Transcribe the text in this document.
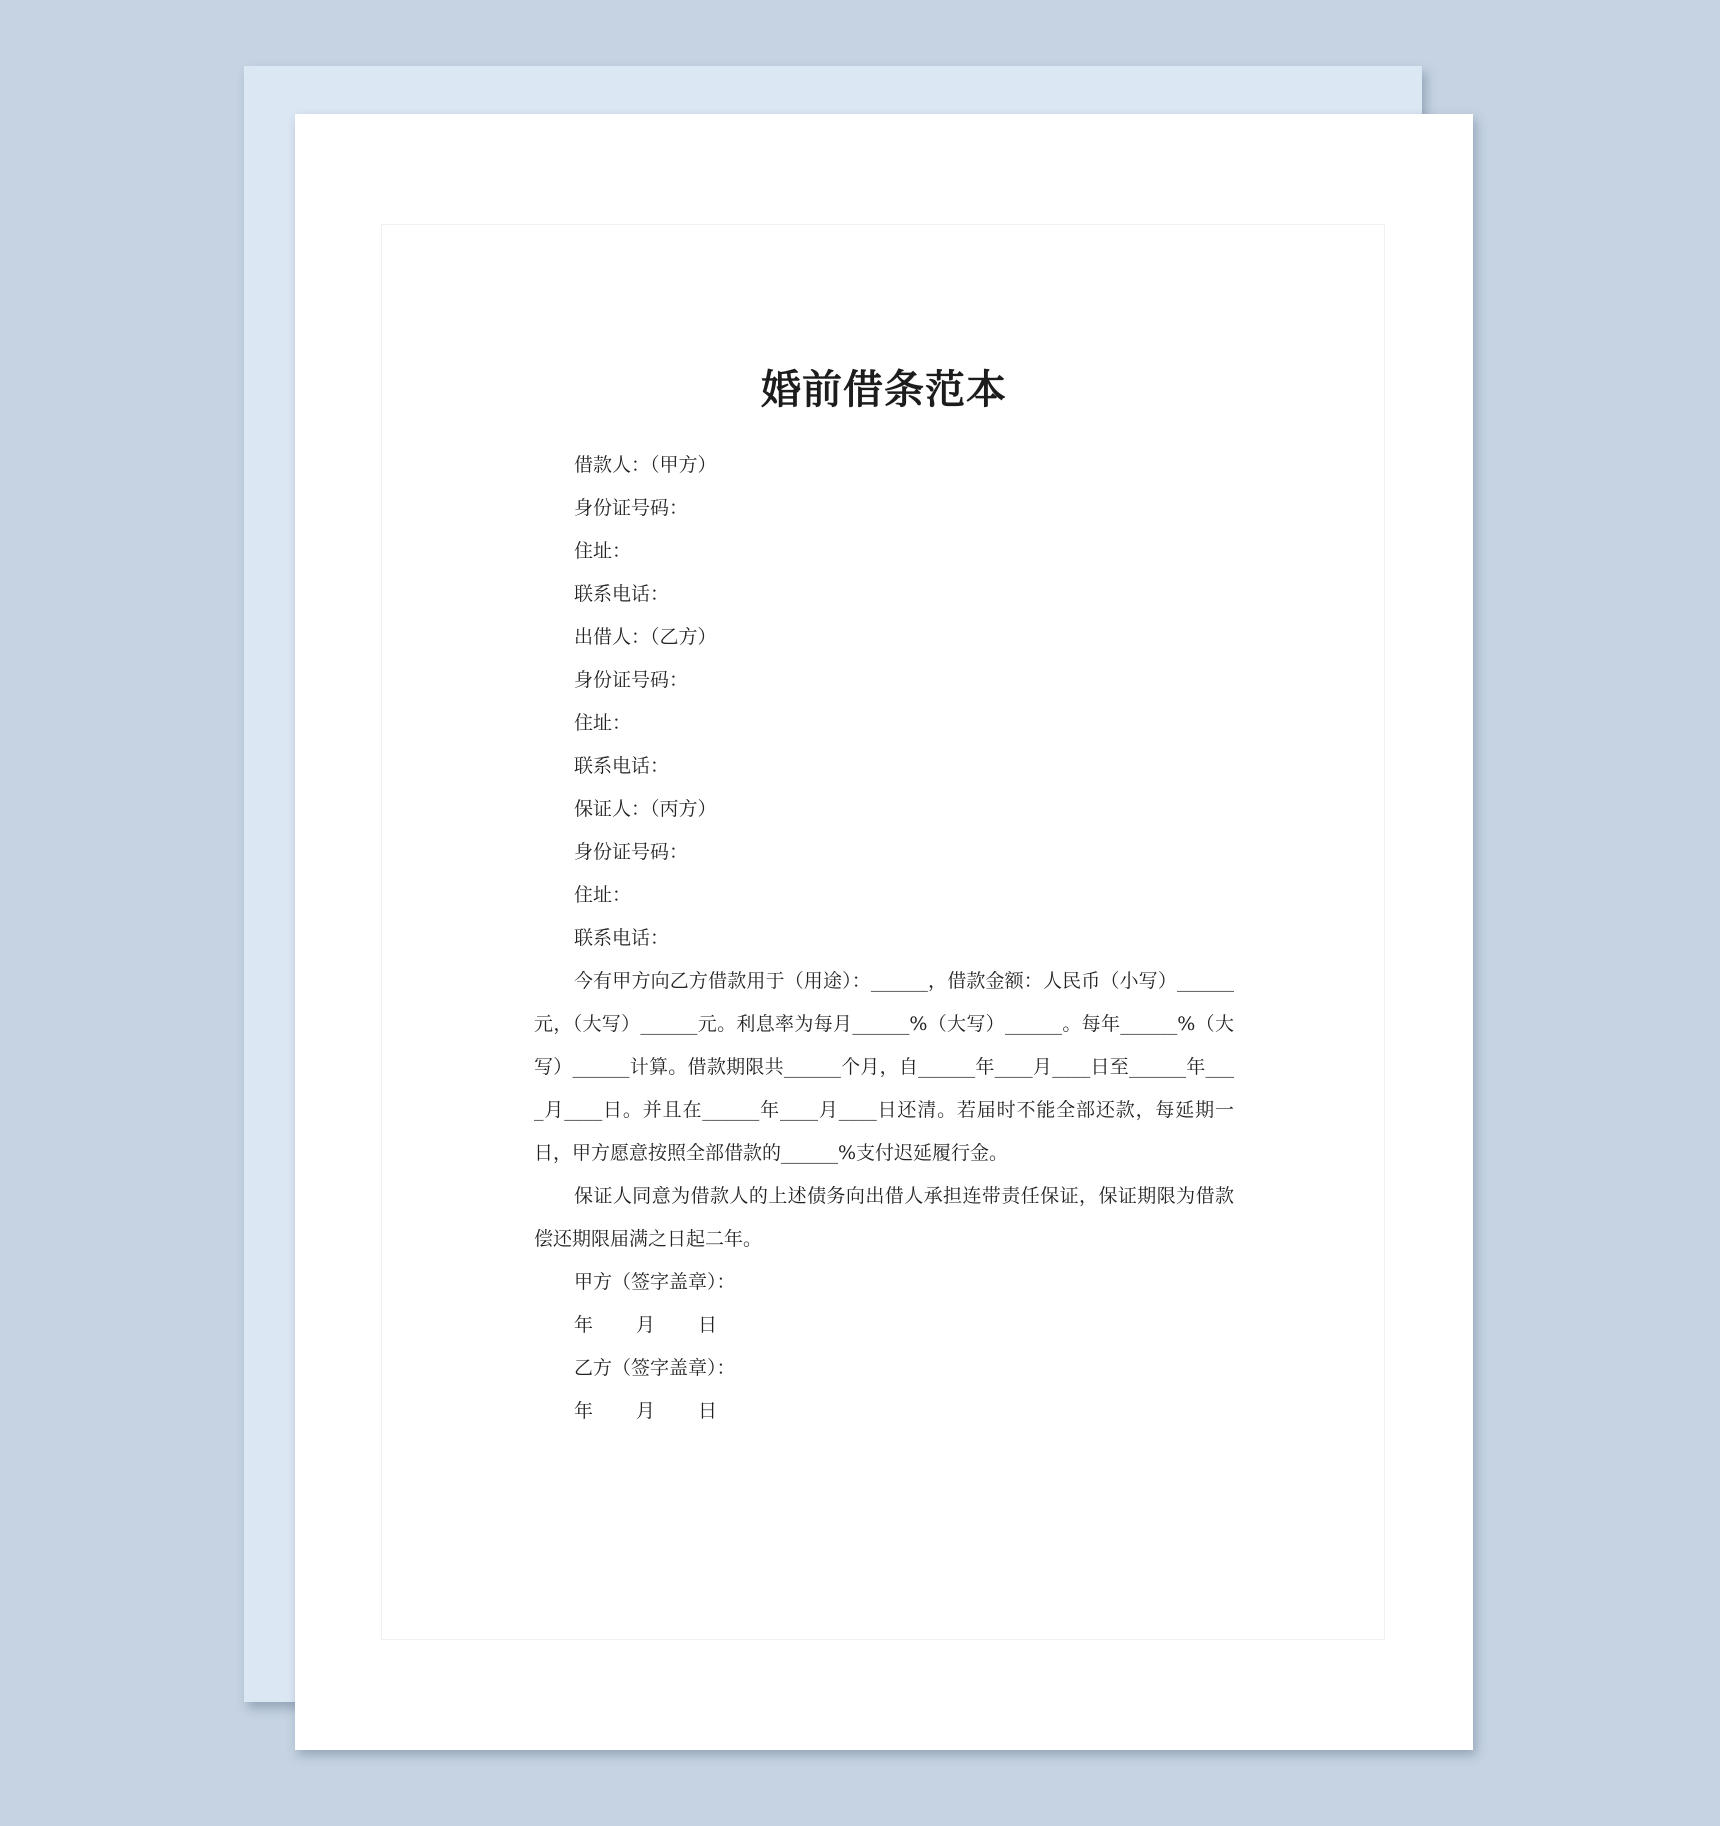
婚前借条范本

借款人：（甲方）

身份证号码：

住址：

联系电话：

出借人：（乙方）

身份证号码：

住址：

联系电话：

保证人：（丙方）

身份证号码：

住址：

联系电话：

今有甲方向乙方借款用于（用途）：______，借款金额：人民币（小写）______元，（大写）______元。利息率为每月______%（大写）______。每年______%（大写）______计算。借款期限共______个月，自______年____月____日至______年____月____日。并且在______年____月____日还清。若届时不能全部还款，每延期一日，甲方愿意按照全部借款的______%支付迟延履行金。

保证人同意为借款人的上述债务向出借人承担连带责任保证，保证期限为借款偿还期限届满之日起二年。

甲方（签字盖章）：

年 月 日

乙方（签字盖章）：

年 月 日
